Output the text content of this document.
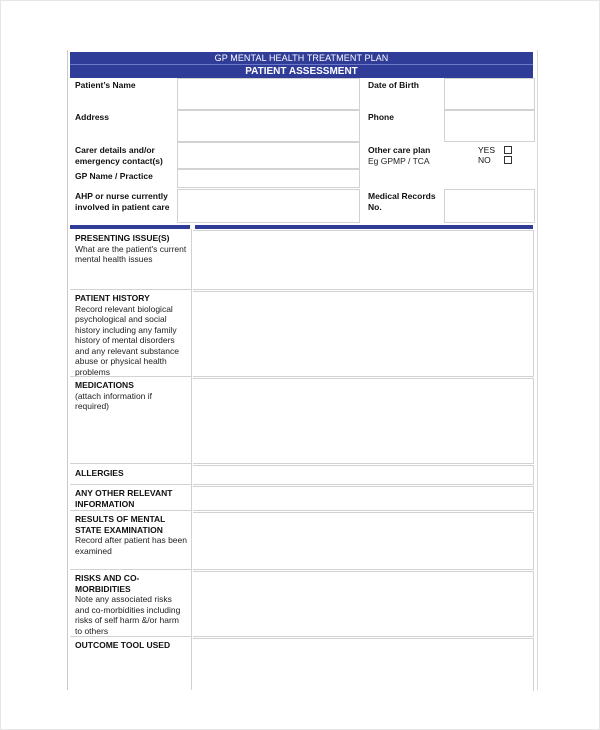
GP MENTAL HEALTH TREATMENT PLAN
PATIENT ASSESSMENT
Patient’s Name	Date of Birth
Address	Phone
Carer details and/or emergency contact(s)
Other care plan
Eg GPMP / TCA
YES
NO
GP Name / Practice
AHP or nurse currently involved in patient care
Medical Records No.
PRESENTING ISSUE(S)
What are the patient's current mental health issues
PATIENT HISTORY
Record relevant biological psychological and social history including any family history of mental disorders and any relevant substance abuse or physical health problems
MEDICATIONS
(attach information if required)
ALLERGIES
ANY OTHER RELEVANT INFORMATION
RESULTS OF MENTAL STATE EXAMINATION
Record after patient has been examined
RISKS AND CO-MORBIDITIES
Note any associated risks and co-morbidities including risks of self harm &/or harm to others
OUTCOME TOOL USED
